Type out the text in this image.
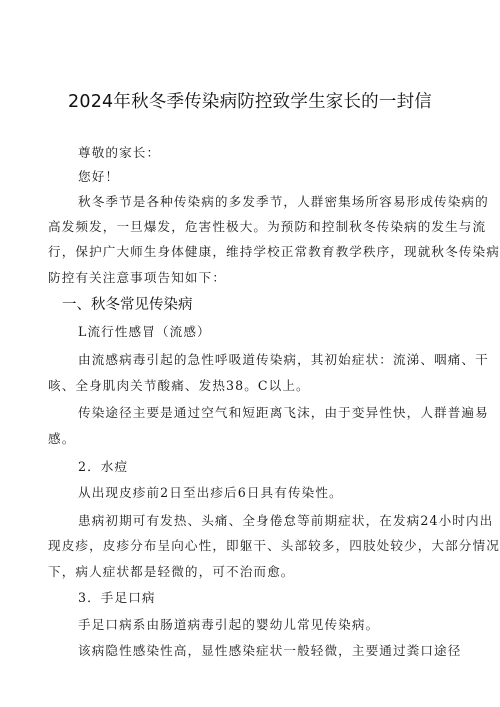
2024年秋冬季传染病防控致学生家长的一封信
尊敬的家长：
您好！
秋冬季节是各种传染病的多发季节，人群密集场所容易形成传染病的
高发频发，一旦爆发，危害性极大。为预防和控制秋冬传染病的发生与流
行，保护广大师生身体健康，维持学校正常教育教学秩序，现就秋冬传染病
防控有关注意事项告知如下：
一、秋冬常见传染病
L流行性感冒（流感）
由流感病毒引起的急性呼吸道传染病，其初始症状：流涕、咽痛、干
咳、全身肌肉关节酸痛、发热38。C以上。
传染途径主要是通过空气和短距离飞沫，由于变异性快，人群普遍易
感。
2．水痘
从出现皮疹前2日至出疹后6日具有传染性。
患病初期可有发热、头痛、全身倦怠等前期症状，在发病24小时内出
现皮疹，皮疹分布呈向心性，即躯干、头部较多，四肢处较少，大部分情况
下，病人症状都是轻微的，可不治而愈。
3．手足口病
手足口病系由肠道病毒引起的婴幼儿常见传染病。
该病隐性感染性高，显性感染症状一般轻微，主要通过粪口途径
